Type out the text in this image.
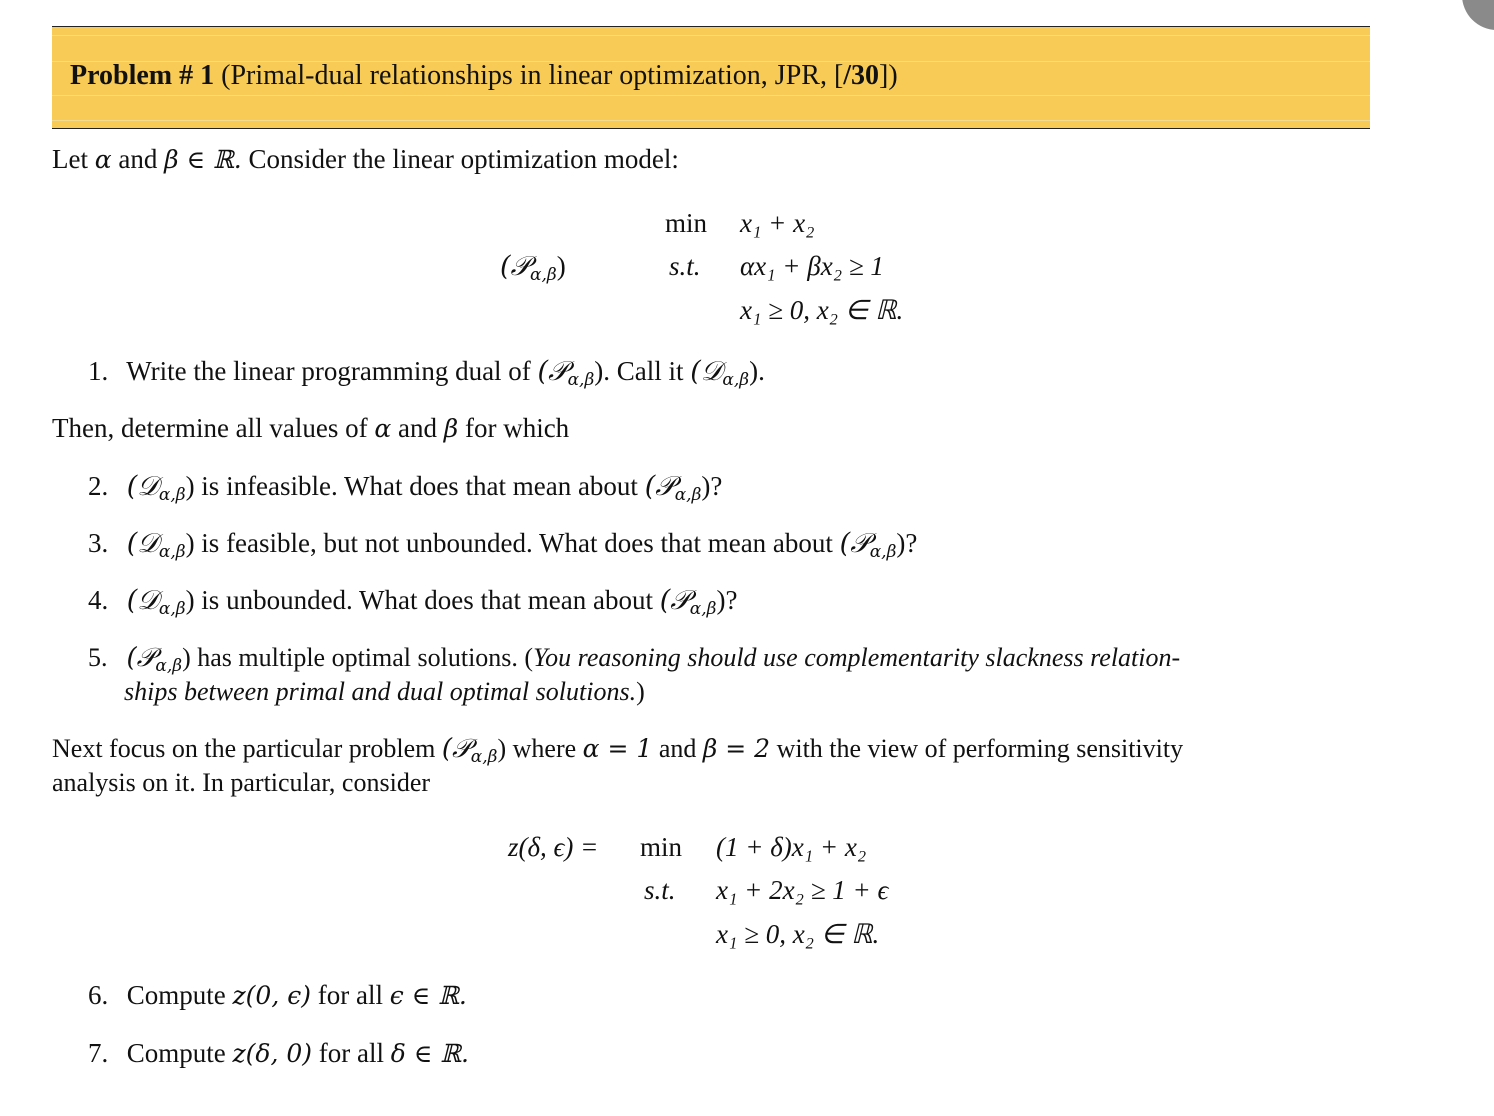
Problem # 1 (Primal-dual relationships in linear optimization, JPR, [/30])
Let α and β ∈ ℝ. Consider the linear optimization model:
(𝒫$_{\alpha,\beta}$)
min
s.t.
x₁ + x₂
αx₁ + βx₂ ≥ 1
x₁ ≥ 0, x₂ ∈ ℝ.
1. Write the linear programming dual of (𝒫$_{\alpha,\beta}$). Call it (𝒟$_{\alpha,\beta}$).
Then, determine all values of α and β for which
2. (𝒟$_{\alpha,\beta}$) is infeasible. What does that mean about (𝒫$_{\alpha,\beta}$)?
3. (𝒟$_{\alpha,\beta}$) is feasible, but not unbounded. What does that mean about (𝒫$_{\alpha,\beta}$)?
4. (𝒟$_{\alpha,\beta}$) is unbounded. What does that mean about (𝒫$_{\alpha,\beta}$)?
5. (𝒫$_{\alpha,\beta}$) has multiple optimal solutions. (You reasoning should use complementarity slackness relation-
ships between primal and dual optimal solutions.)
Next focus on the particular problem (𝒫$_{\alpha,\beta}$) where α = 1 and β = 2 with the view of performing sensitivity
analysis on it. In particular, consider
z(δ, ϵ) = min
s.t.
(1 + δ)x₁ + x₂
x₁ + 2x₂ ≥ 1 + ϵ
x₁ ≥ 0, x₂ ∈ ℝ.
6. Compute z(0, ϵ) for all ϵ ∈ ℝ.
7. Compute z(δ, 0) for all δ ∈ ℝ.
